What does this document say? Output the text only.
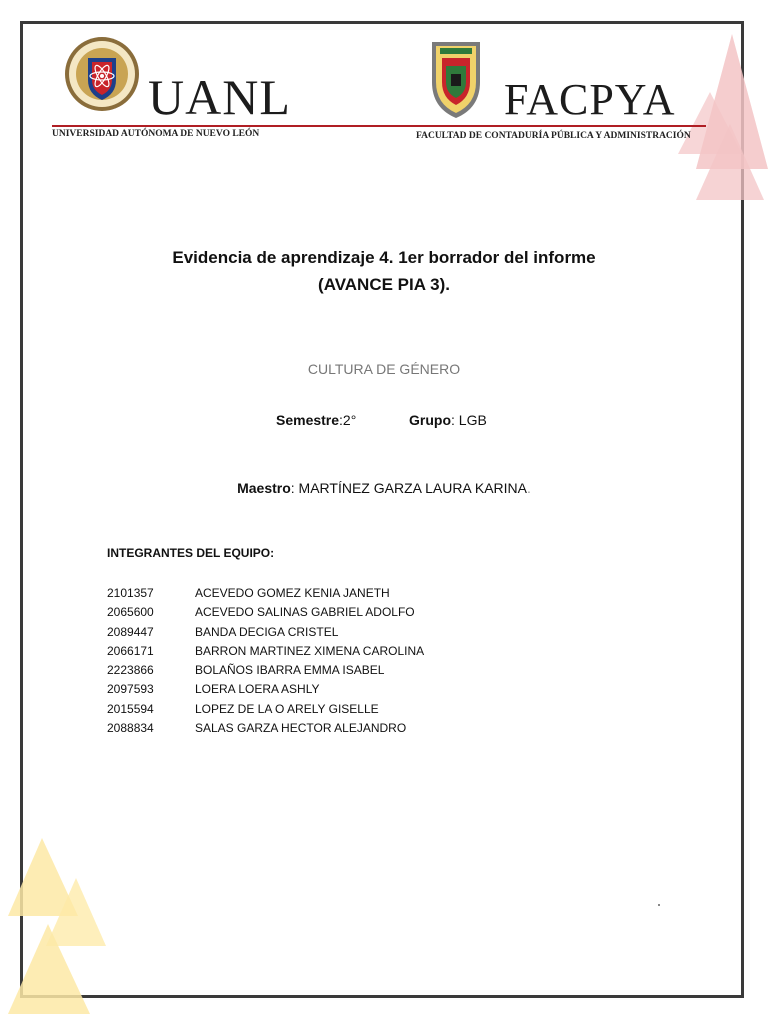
UANL	FACPYA
UNIVERSIDAD AUTÓNOMA DE NUEVO LEÓN	FACULTAD DE CONTADURÍA PÚBLICA Y ADMINISTRACIÓN
Evidencia de aprendizaje 4. 1er borrador del informe
(AVANCE PIA 3).
CULTURA DE GÉNERO
Semestre:2°	Grupo: LGB
Maestro: MARTÍNEZ GARZA LAURA KARINA.
INTEGRANTES DEL EQUIPO:
2101357	ACEVEDO GOMEZ KENIA JANETH
2065600	ACEVEDO SALINAS GABRIEL ADOLFO
2089447	BANDA DECIGA CRISTEL
2066171	BARRON MARTINEZ XIMENA CAROLINA
2223866	BOLAÑOS IBARRA EMMA ISABEL
2097593	LOERA LOERA ASHLY
2015594	LOPEZ DE LA O ARELY GISELLE
2088834	SALAS GARZA HECTOR ALEJANDRO
